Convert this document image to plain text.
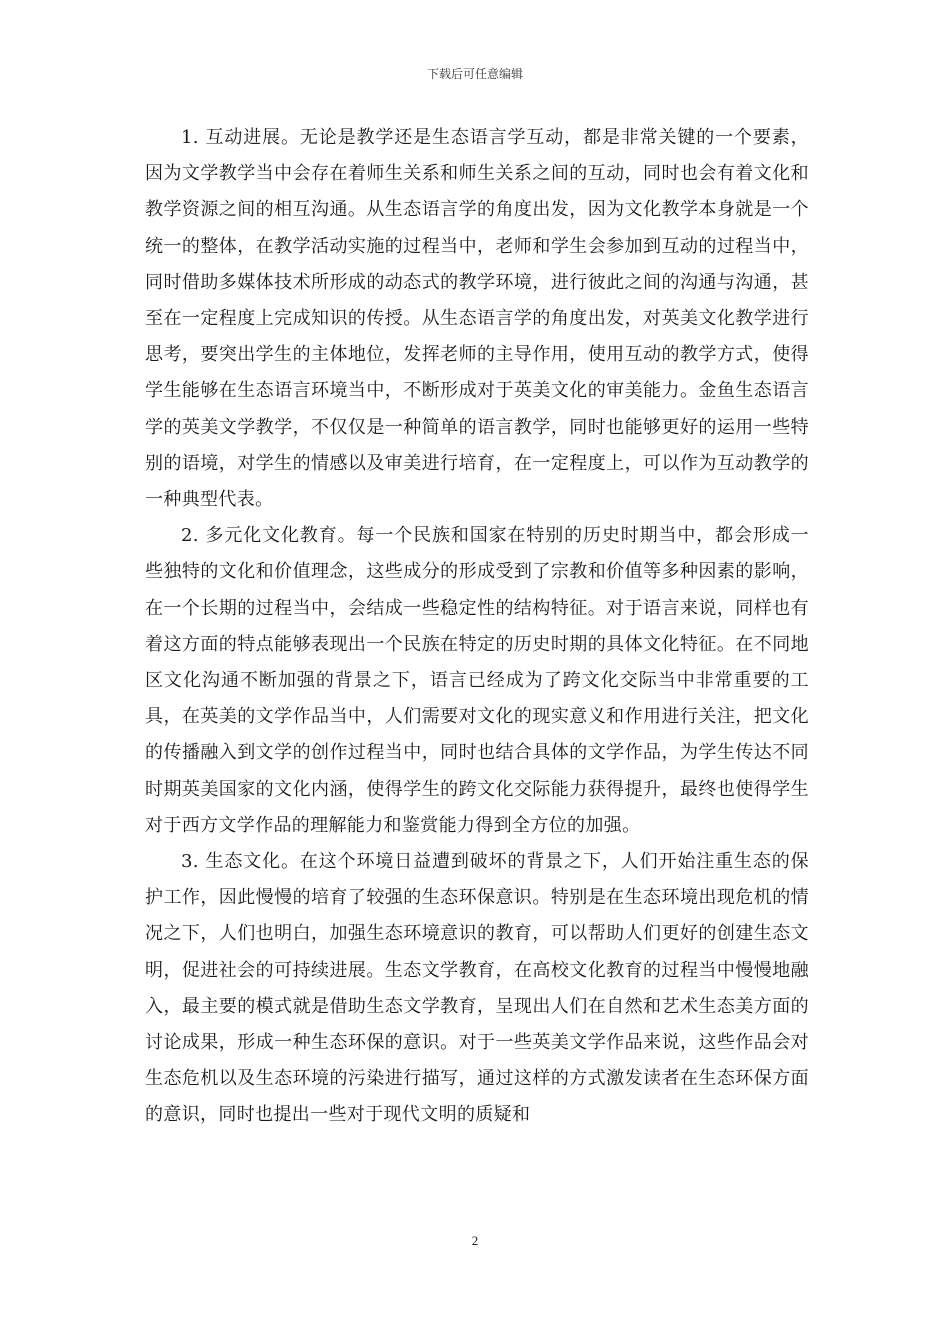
下载后可任意编辑

1. 互动进展。无论是教学还是生态语言学互动，都是非常关键的一个要素，因为文学教学当中会存在着师生关系和师生关系之间的互动，同时也会有着文化和教学资源之间的相互沟通。从生态语言学的角度出发，因为文化教学本身就是一个统一的整体，在教学活动实施的过程当中，老师和学生会参加到互动的过程当中，同时借助多媒体技术所形成的动态式的教学环境，进行彼此之间的沟通与沟通，甚至在一定程度上完成知识的传授。从生态语言学的角度出发，对英美文化教学进行思考，要突出学生的主体地位，发挥老师的主导作用，使用互动的教学方式，使得学生能够在生态语言环境当中，不断形成对于英美文化的审美能力。金鱼生态语言学的英美文学教学，不仅仅是一种简单的语言教学，同时也能够更好的运用一些特别的语境，对学生的情感以及审美进行培育，在一定程度上，可以作为互动教学的一种典型代表。

2. 多元化文化教育。每一个民族和国家在特别的历史时期当中，都会形成一些独特的文化和价值理念，这些成分的形成受到了宗教和价值等多种因素的影响，在一个长期的过程当中，会结成一些稳定性的结构特征。对于语言来说，同样也有着这方面的特点能够表现出一个民族在特定的历史时期的具体文化特征。在不同地区文化沟通不断加强的背景之下，语言已经成为了跨文化交际当中非常重要的工具，在英美的文学作品当中，人们需要对文化的现实意义和作用进行关注，把文化的传播融入到文学的创作过程当中，同时也结合具体的文学作品，为学生传达不同时期英美国家的文化内涵，使得学生的跨文化交际能力获得提升，最终也使得学生对于西方文学作品的理解能力和鉴赏能力得到全方位的加强。

3. 生态文化。在这个环境日益遭到破坏的背景之下，人们开始注重生态的保护工作，因此慢慢的培育了较强的生态环保意识。特别是在生态环境出现危机的情况之下，人们也明白，加强生态环境意识的教育，可以帮助人们更好的创建生态文明，促进社会的可持续进展。生态文学教育，在高校文化教育的过程当中慢慢地融入，最主要的模式就是借助生态文学教育，呈现出人们在自然和艺术生态美方面的讨论成果，形成一种生态环保的意识。对于一些英美文学作品来说，这些作品会对生态危机以及生态环境的污染进行描写，通过这样的方式激发读者在生态环保方面的意识，同时也提出一些对于现代文明的质疑和

2
